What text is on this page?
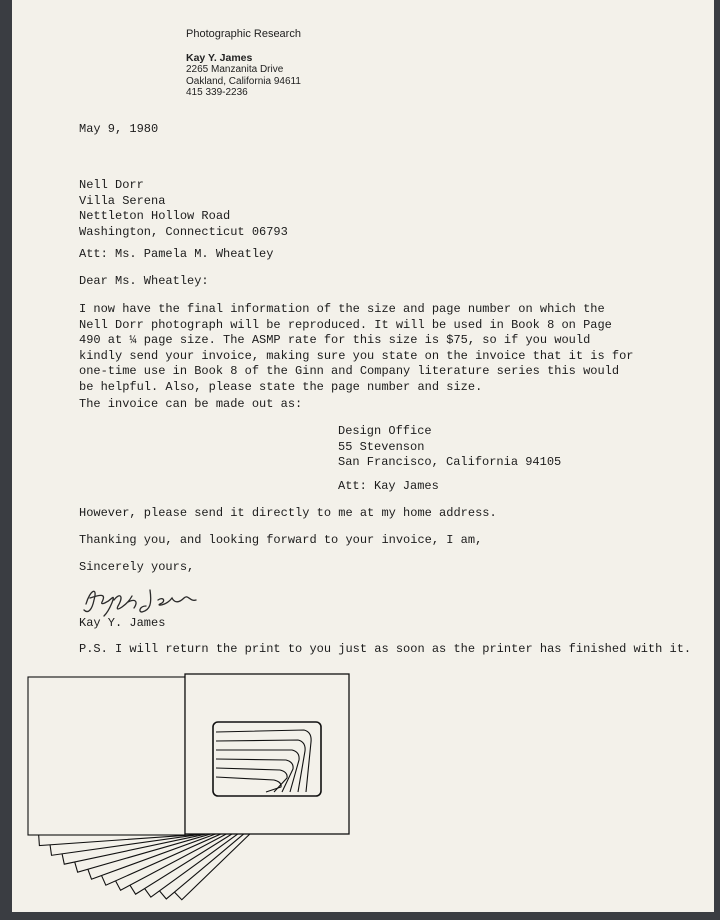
Photographic Research
Kay Y. James
2265 Manzanita Drive
Oakland, California 94611
415 339-2236
May 9, 1980
Nell Dorr
Villa Serena
Nettleton Hollow Road
Washington, Connecticut 06793
Att: Ms. Pamela M. Wheatley
Dear Ms. Wheatley:
I now have the final information of the size and page number on which the Nell Dorr photograph will be reproduced. It will be used in Book 8 on Page 490 at ¼ page size. The ASMP rate for this size is $75, so if you would kindly send your invoice, making sure you state on the invoice that it is for one-time use in Book 8 of the Ginn and Company literature series this would be helpful. Also, please state the page number and size.
The invoice can be made out as:
Design Office
55 Stevenson
San Francisco, California 94105
Att: Kay James
However, please send it directly to me at my home address.
Thanking you, and looking forward to your invoice, I am,
Sincerely yours,
Kay Y. James
P.S. I will return the print to you just as soon as the printer has finished with it.
